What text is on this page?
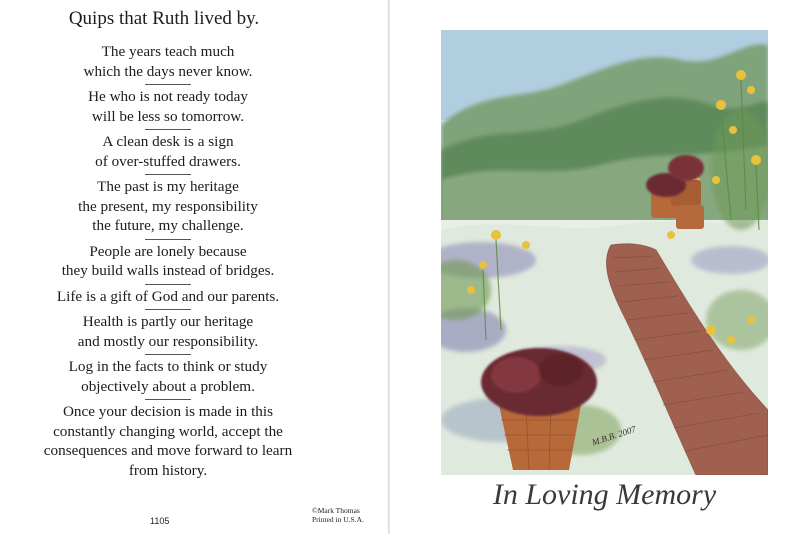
Quips that Ruth lived by.
The years teach much
which the days never know.
He who is not ready today
will be less so tomorrow.
A clean desk is a sign
of over-stuffed drawers.
The past is my heritage
the present, my responsibility
the future, my challenge.
People are lonely because
they build walls instead of bridges.
Life is a gift of God and our parents.
Health is partly our heritage
and mostly our responsibility.
Log in the facts to think or study
objectively about a problem.
Once your decision is made in this
constantly changing world, accept the
consequences and move forward to learn
from history.
1105
©Mark Thomas
Printed in U.S.A.
M.B.B. 2007
In Loving Memory
